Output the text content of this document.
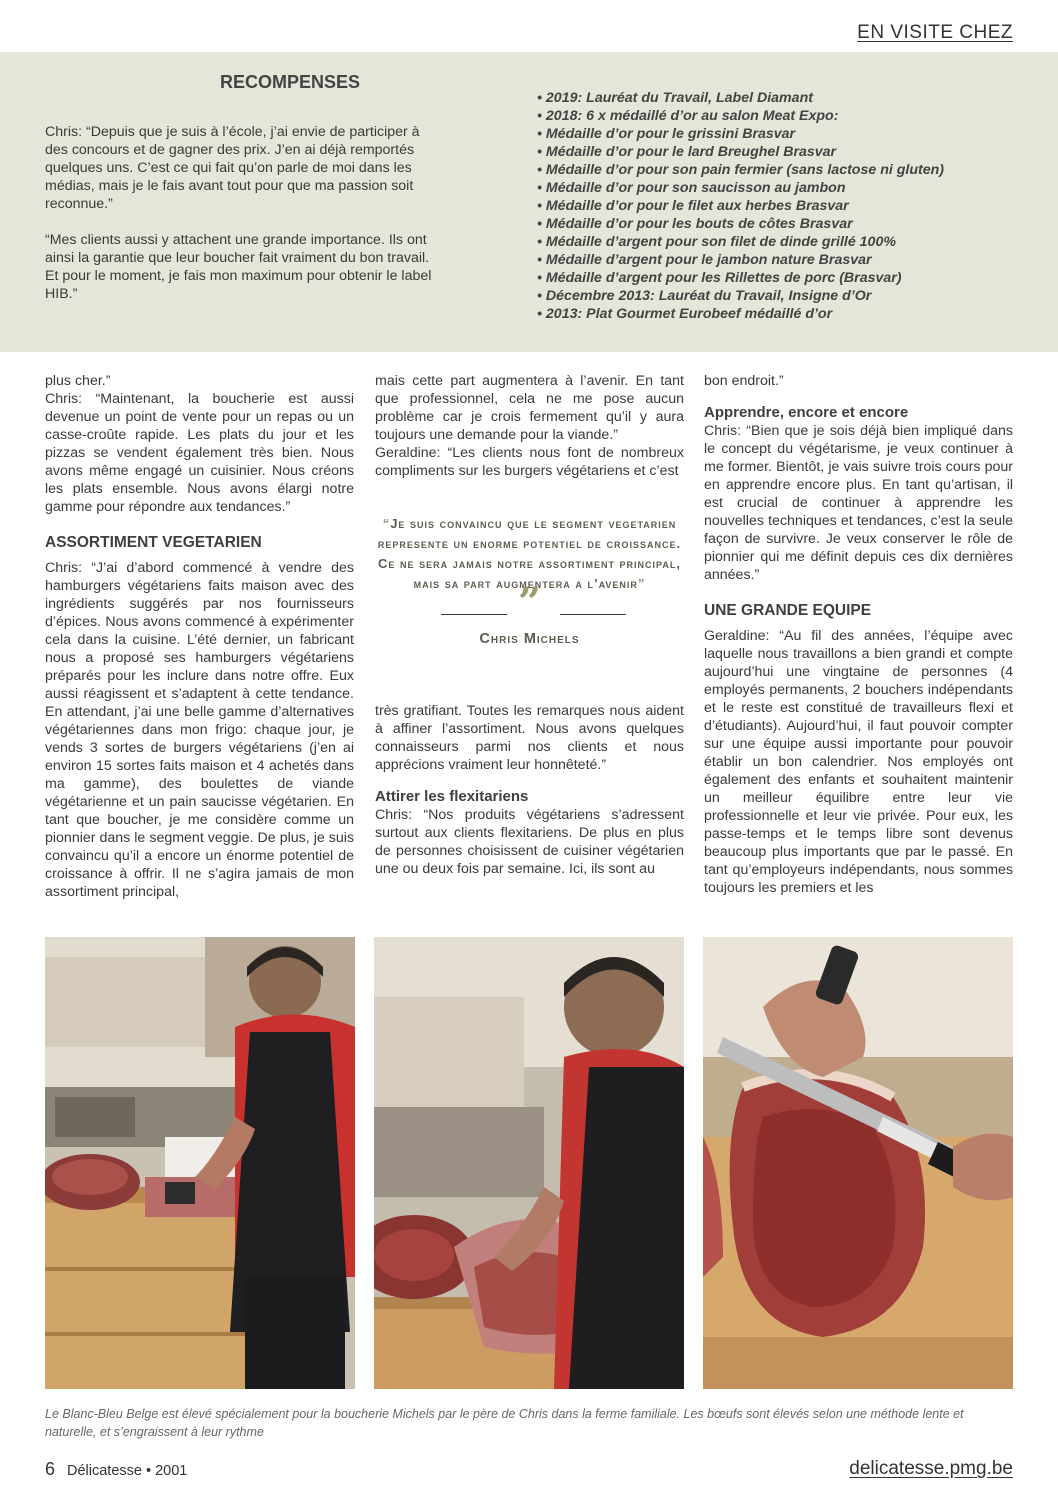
EN VISITE CHEZ
RECOMPENSES

Chris: “Depuis que je suis à l’école, j’ai envie de participer à des concours et de gagner des prix. J’en ai déjà remportés quelques uns. C’est ce qui fait qu’on parle de moi dans les médias, mais je le fais avant tout pour que ma passion soit reconnue.”

“Mes clients aussi y attachent une grande importance. Ils ont ainsi la garantie que leur boucher fait vraiment du bon travail. Et pour le moment, je fais mon maximum pour obtenir le label HIB.”

• 2019: Lauréat du Travail, Label Diamant
• 2018: 6 x médaillé d’or au salon Meat Expo:
• Médaille d’or pour le grissini Brasvar
• Médaille d’or pour le lard Breughel Brasvar
• Médaille d’or pour son pain fermier (sans lactose ni gluten)
• Médaille d’or pour son saucisson au jambon
• Médaille d’or pour le filet aux herbes Brasvar
• Médaille d’or pour les bouts de côtes Brasvar
• Médaille d’argent pour son filet de dinde grillé 100%
• Médaille d’argent pour le jambon nature Brasvar
• Médaille d’argent pour les Rillettes de porc (Brasvar)
• Décembre 2013: Lauréat du Travail, Insigne d’Or
• 2013: Plat Gourmet Eurobeef médaillé d’or

plus cher.”

Chris: “Maintenant, la boucherie est aussi devenue un point de vente pour un repas ou un casse-croûte rapide. Les plats du jour et les pizzas se vendent également très bien. Nous avons même engagé un cuisinier. Nous créons les plats ensemble. Nous avons élargi notre gamme pour répondre aux tendances.”

ASSORTIMENT VEGETARIEN

Chris: “J’ai d’abord commencé à vendre des hamburgers végétariens faits maison avec des ingrédients suggérés par nos fournisseurs d’épices. Nous avons commencé à expérimenter cela dans la cuisine. L’été dernier, un fabricant nous a proposé ses hamburgers végétariens préparés pour les inclure dans notre offre. Eux aussi réagissent et s’adaptent à cette tendance. En attendant, j’ai une belle gamme d’alternatives végétariennes dans mon frigo: chaque jour, je vends 3 sortes de burgers végétariens (j’en ai environ 15 sortes faits maison et 4 achetés dans ma gamme), des boulettes de viande végétarienne et un pain saucisse végétarien. En tant que boucher, je me considère comme un pionnier dans le segment veggie. De plus, je suis convaincu qu’il a encore un énorme potentiel de croissance à offrir. Il ne s’agira jamais de mon assortiment principal,

mais cette part augmentera à l’avenir. En tant que professionnel, cela ne me pose aucun problème car je crois fermement qu’il y aura toujours une demande pour la viande.”

Geraldine: “Les clients nous font de nombreux compliments sur les burgers végétariens et c’est

“Je suis convaincu que le segment vegetarien represente un enorme potentiel de croissance. Ce ne sera jamais notre assortiment principal, mais sa part augmentera a l’avenir”
”
Chris Michels

très gratifiant. Toutes les remarques nous aident à affiner l’assortiment. Nous avons quelques connaisseurs parmi nos clients et nous apprécions vraiment leur honnêteté.”

Attirer les flexitariens

Chris: “Nos produits végétariens s’adressent surtout aux clients flexitariens. De plus en plus de personnes choisissent de cuisiner végétarien une ou deux fois par semaine. Ici, ils sont au

bon endroit.”

Apprendre, encore et encore

Chris: “Bien que je sois déjà bien impliqué dans le concept du végétarisme, je veux continuer à me former. Bientôt, je vais suivre trois cours pour en apprendre encore plus. En tant qu’artisan, il est crucial de continuer à apprendre les nouvelles techniques et tendances, c’est la seule façon de survivre. Je veux conserver le rôle de pionnier qui me définit depuis ces dix dernières années.”

UNE GRANDE EQUIPE

Geraldine: “Au fil des années, l’équipe avec laquelle nous travaillons a bien grandi et compte aujourd’hui une vingtaine de personnes (4 employés permanents, 2 bouchers indépendants et le reste est constitué de travailleurs flexi et d’étudiants). Aujourd’hui, il faut pouvoir compter sur une équipe aussi importante pour pouvoir établir un bon calendrier. Nos employés ont également des enfants et souhaitent maintenir un meilleur équilibre entre leur vie professionnelle et leur vie privée. Pour eux, les passe-temps et le temps libre sont devenus beaucoup plus importants que par le passé. En tant qu’employeurs indépendants, nous sommes toujours les premiers et les

Le Blanc-Bleu Belge est élevé spécialement pour la boucherie Michels par le père de Chris dans la ferme familiale. Les bœufs sont élevés selon une méthode lente et naturelle, et s’engraissent à leur rythme
6 Délicatesse • 2001	delicatesse.pmg.be
